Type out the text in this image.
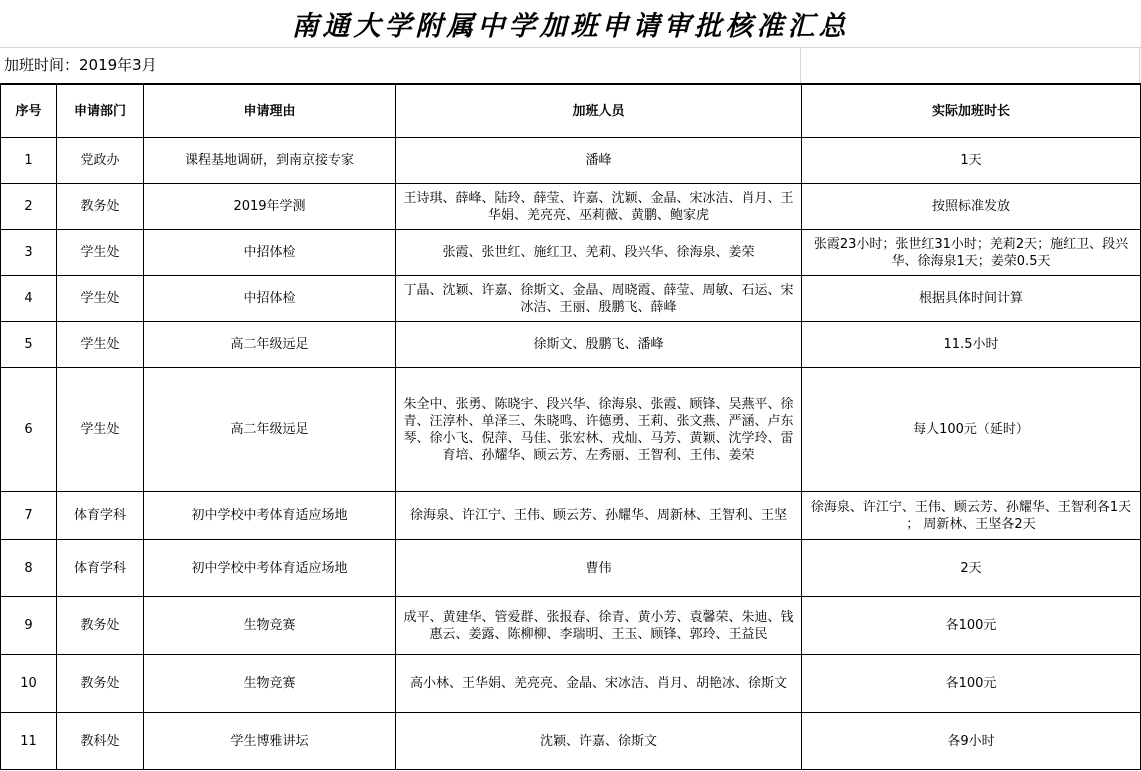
南通大学附属中学加班申请审批核准汇总
加班时间：2019年3月
序号	申请部门	申请理由	加班人员	实际加班时长
1	党政办	课程基地调研，到南京接专家	潘峰	1天
2	教务处	2019年学测	王诗琪、薛峰、陆玲、薛莹、许嘉、沈颖、金晶、宋冰洁、肖月、王华娟、羌亮亮、巫莉薇、黄鹏、鲍家虎	按照标准发放
3	学生处	中招体检	张霞、张世红、施红卫、羌莉、段兴华、徐海泉、姜荣	张霞23小时；张世红31小时；羌莉2天；施红卫、段兴华、徐海泉1天；姜荣0.5天
4	学生处	中招体检	丁晶、沈颖、许嘉、徐斯文、金晶、周晓霞、薛莹、周敏、石运、宋冰洁、王丽、殷鹏飞、薛峰	根据具体时间计算
5	学生处	高二年级远足	徐斯文、殷鹏飞、潘峰	11.5小时
6	学生处	高二年级远足	朱全中、张勇、陈晓宇、段兴华、徐海泉、张霞、顾锋、吴燕平、徐青、汪淳朴、单泽三、朱晓鸣、许德勇、王莉、张文燕、严涵、卢东琴、徐小飞、倪萍、马佳、张宏林、戎灿、马芳、黄颖、沈学玲、雷育培、孙耀华、顾云芳、左秀丽、王智利、王伟、姜荣	每人100元（延时）
7	体育学科	初中学校中考体育适应场地	徐海泉、许江宁、王伟、顾云芳、孙耀华、周新林、王智利、王坚	徐海泉、许江宁、王伟、顾云芳、孙耀华、王智利各1天 ； 周新林、王坚各2天
8	体育学科	初中学校中考体育适应场地	曹伟	2天
9	教务处	生物竞赛	成平、黄建华、管爱群、张报春、徐青、黄小芳、袁馨荣、朱迪、钱惠云、姜露、陈柳柳、李瑞明、王玉、顾锋、郭玲、王益民	各100元
10	教务处	生物竞赛	高小林、王华娟、羌亮亮、金晶、宋冰洁、肖月、胡艳冰、徐斯文	各100元
11	教科处	学生博雅讲坛	沈颖、许嘉、徐斯文	各9小时
